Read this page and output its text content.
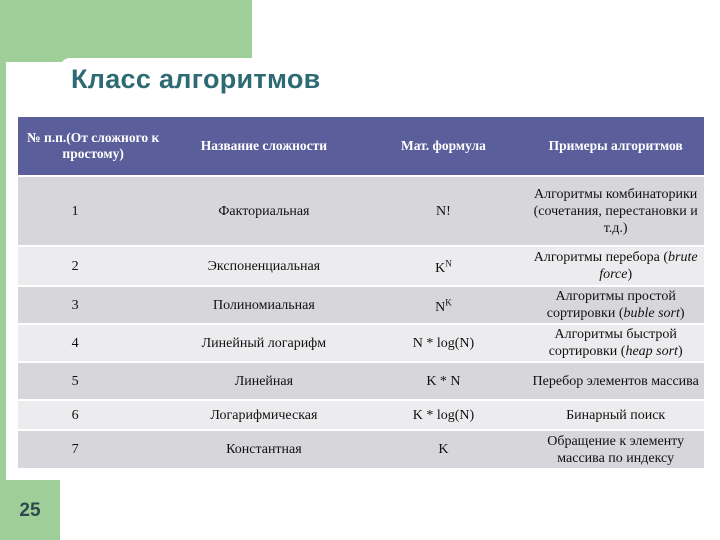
Класс алгоритмов
№ п.п.(От сложного к простому)	Название сложности	Мат. формула	Примеры алгоритмов
1	Факториальная	N!	Алгоритмы комбинаторики (сочетания, перестановки и т.д.)
2	Экспоненциальная	$K^N$	Алгоритмы перебора (brute force)
3	Полиномиальная	$N^K$	Алгоритмы простой сортировки (buble sort)
4	Линейный логарифм	N * log(N)	Алгоритмы быстрой сортировки (heap sort)
5	Линейная	K * N	Перебор элементов массива
6	Логарифмическая	K * log(N)	Бинарный поиск
7	Константная	K	Обращение к элементу массива по индексу
25
